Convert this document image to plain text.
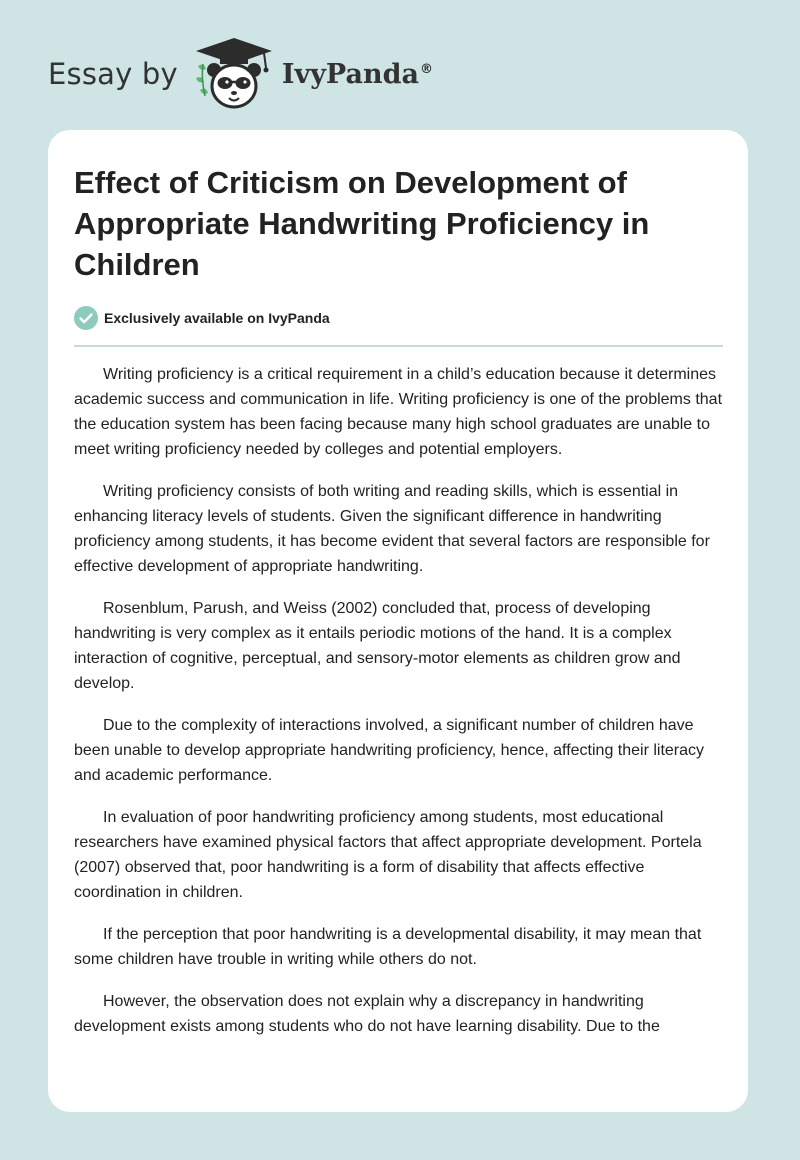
Essay by	IvyPanda®
Effect of Criticism on Development of Appropriate Handwriting Proficiency in Children
Exclusively available on IvyPanda

Writing proficiency is a critical requirement in a child’s education because it determines academic success and communication in life. Writing proficiency is one of the problems that the education system has been facing because many high school graduates are unable to meet writing proficiency needed by colleges and potential employers.

Writing proficiency consists of both writing and reading skills, which is essential in enhancing literacy levels of students. Given the significant difference in handwriting proficiency among students, it has become evident that several factors are responsible for effective development of appropriate handwriting.

Rosenblum, Parush, and Weiss (2002) concluded that, process of developing handwriting is very complex as it entails periodic motions of the hand. It is a complex interaction of cognitive, perceptual, and sensory-motor elements as children grow and develop.

Due to the complexity of interactions involved, a significant number of children have been unable to develop appropriate handwriting proficiency, hence, affecting their literacy and academic performance.

In evaluation of poor handwriting proficiency among students, most educational researchers have examined physical factors that affect appropriate development. Portela (2007) observed that, poor handwriting is a form of disability that affects effective coordination in children.

If the perception that poor handwriting is a developmental disability, it may mean that some children have trouble in writing while others do not.

However, the observation does not explain why a discrepancy in handwriting development exists among students who do not have learning disability. Due to the
